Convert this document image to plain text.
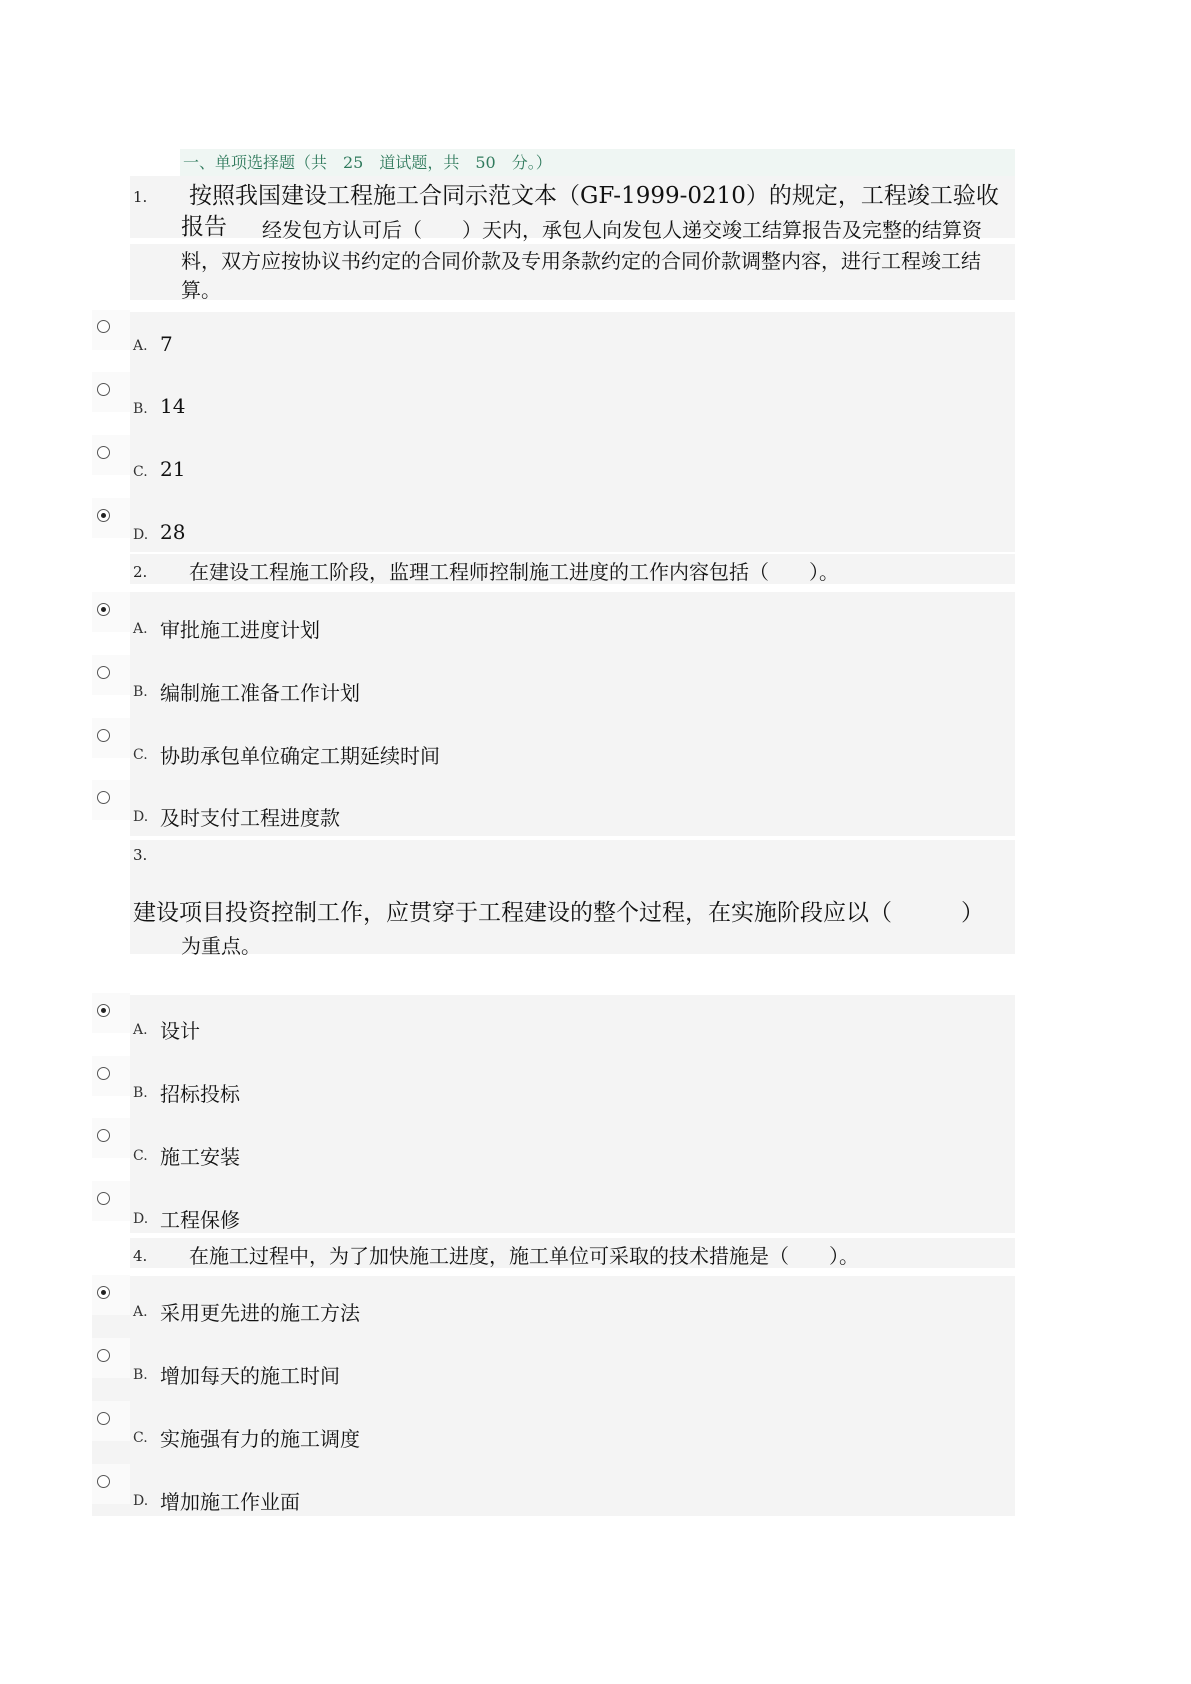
一、单项选择题（共　25　道试题，共　50　分。）
1. 按照我国建设工程施工合同示范文本（GF-1999-0210）的规定，工程竣工验收
报告 经发包方认可后（　　）天内，承包人向发包人递交竣工结算报告及完整的结算资
料，双方应按协议书约定的合同价款及专用条款约定的合同价款调整内容，进行工程竣工结
算。
A. 7
B. 14
C. 21
D. 28
2. 在建设工程施工阶段，监理工程师控制施工进度的工作内容包括（　　）。
A. 审批施工进度计划
B. 编制施工准备工作计划
C. 协助承包单位确定工期延续时间
D. 及时支付工程进度款
3.
建设项目投资控制工作，应贯穿于工程建设的整个过程，在实施阶段应以（　　　）
为重点。
A. 设计
B. 招标投标
C. 施工安装
D. 工程保修
4. 在施工过程中，为了加快施工进度，施工单位可采取的技术措施是（　　）。
A. 采用更先进的施工方法
B. 增加每天的施工时间
C. 实施强有力的施工调度
D. 增加施工作业面
